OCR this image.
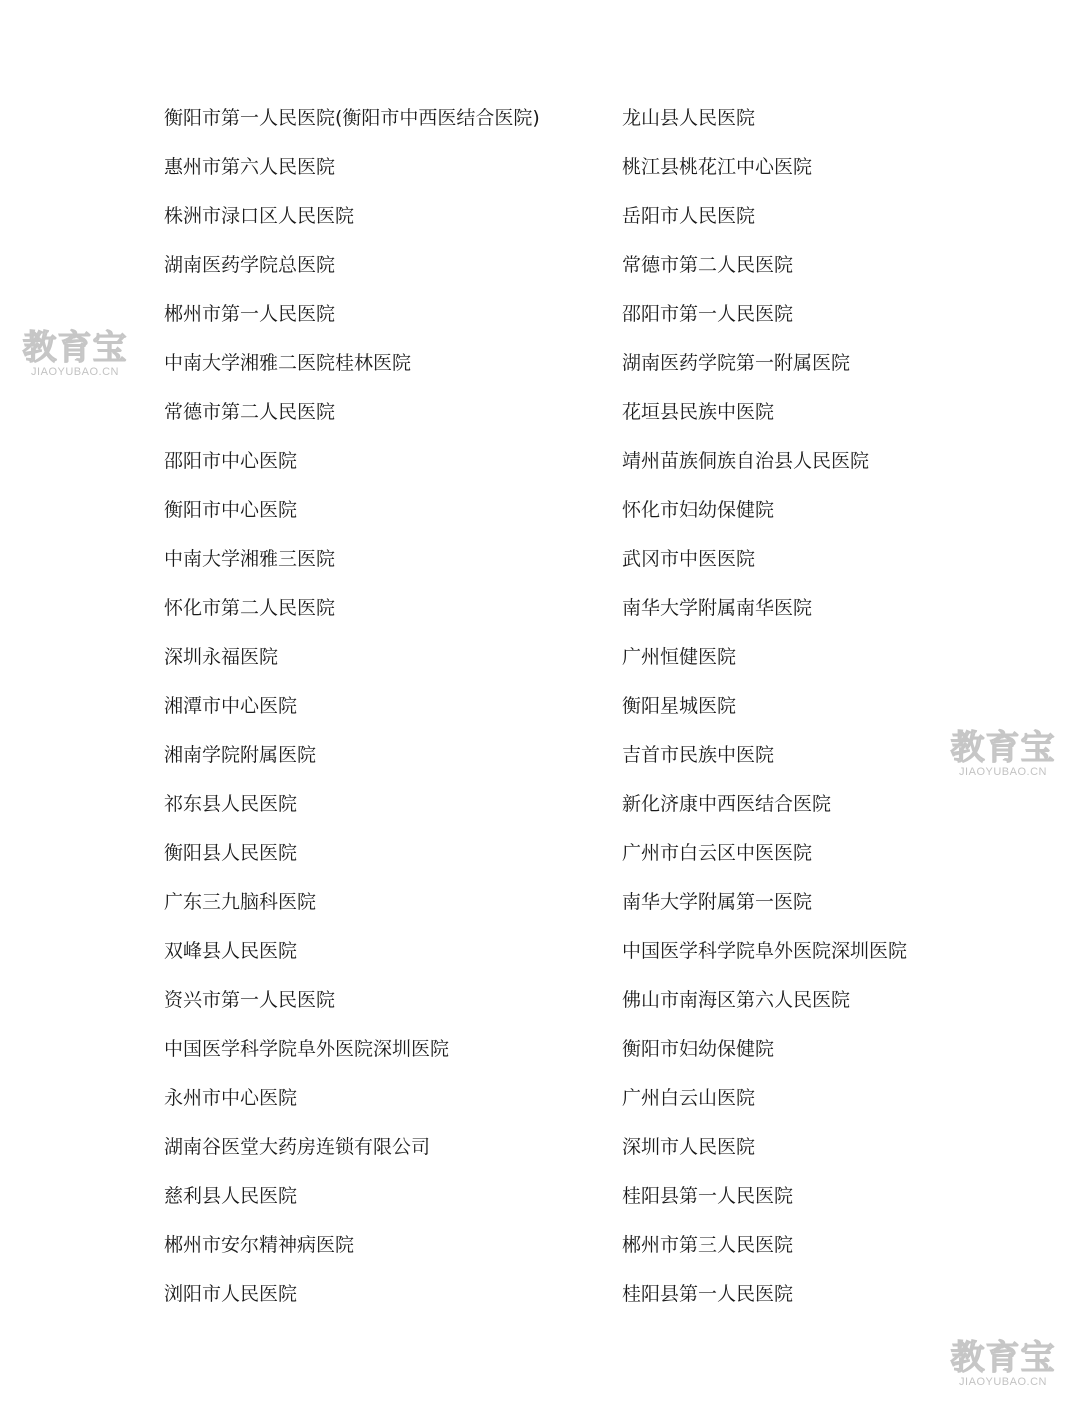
衡阳市第一人民医院(衡阳市中西医结合医院)
惠州市第六人民医院
株洲市渌口区人民医院
湖南医药学院总医院
郴州市第一人民医院
中南大学湘雅二医院桂林医院
常德市第二人民医院
邵阳市中心医院
衡阳市中心医院
中南大学湘雅三医院
怀化市第二人民医院
深圳永福医院
湘潭市中心医院
湘南学院附属医院
祁东县人民医院
衡阳县人民医院
广东三九脑科医院
双峰县人民医院
资兴市第一人民医院
中国医学科学院阜外医院深圳医院
永州市中心医院
湖南谷医堂大药房连锁有限公司
慈利县人民医院
郴州市安尔精神病医院
浏阳市人民医院
龙山县人民医院
桃江县桃花江中心医院
岳阳市人民医院
常德市第二人民医院
邵阳市第一人民医院
湖南医药学院第一附属医院
花垣县民族中医院
靖州苗族侗族自治县人民医院
怀化市妇幼保健院
武冈市中医医院
南华大学附属南华医院
广州恒健医院
衡阳星城医院
吉首市民族中医院
新化济康中西医结合医院
广州市白云区中医医院
南华大学附属第一医院
中国医学科学院阜外医院深圳医院
佛山市南海区第六人民医院
衡阳市妇幼保健院
广州白云山医院
深圳市人民医院
桂阳县第一人民医院
郴州市第三人民医院
桂阳县第一人民医院
教育宝
JIAOYUBAO.CN
教育宝
JIAOYUBAO.CN
教育宝
JIAOYUBAO.CN
